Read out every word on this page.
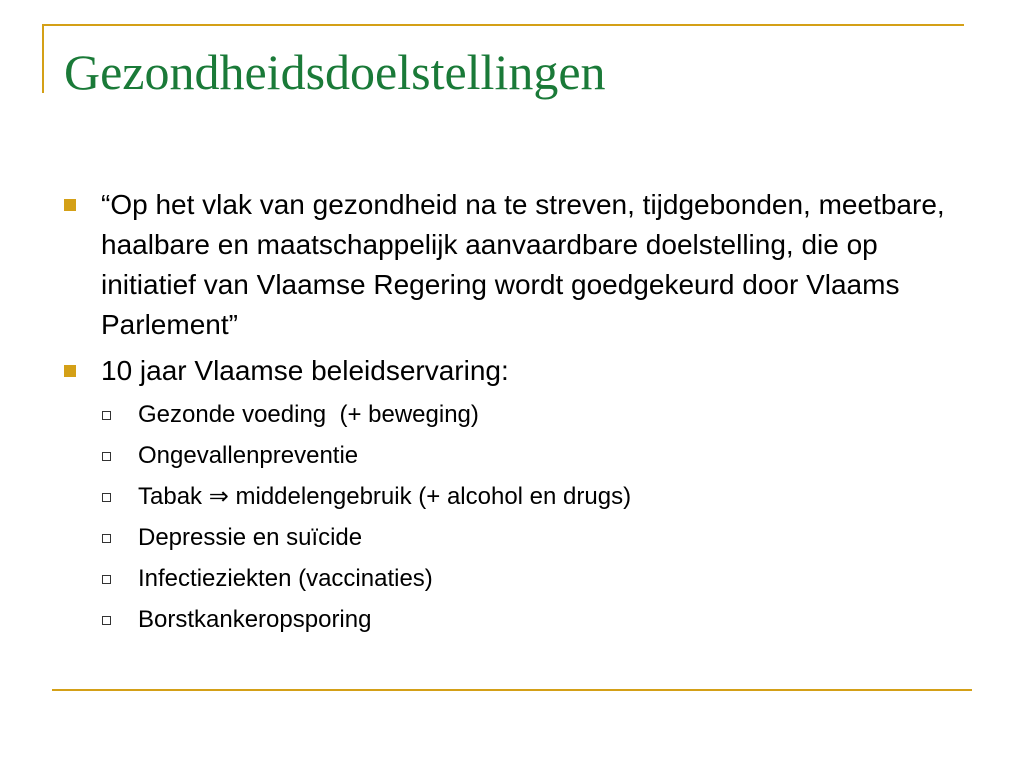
Gezondheidsdoelstellingen
“Op het vlak van gezondheid na te streven, tijdgebonden, meetbare, haalbare en maatschappelijk aanvaardbare doelstelling, die op initiatief van Vlaamse Regering wordt goedgekeurd door Vlaams Parlement”
10 jaar Vlaamse beleidservaring:
Gezonde voeding  (+ beweging)
Ongevallenpreventie
Tabak ⇒ middelengebruik (+ alcohol en drugs)
Depressie en suïcide
Infectieziekten (vaccinaties)
Borstkankeropsporing
